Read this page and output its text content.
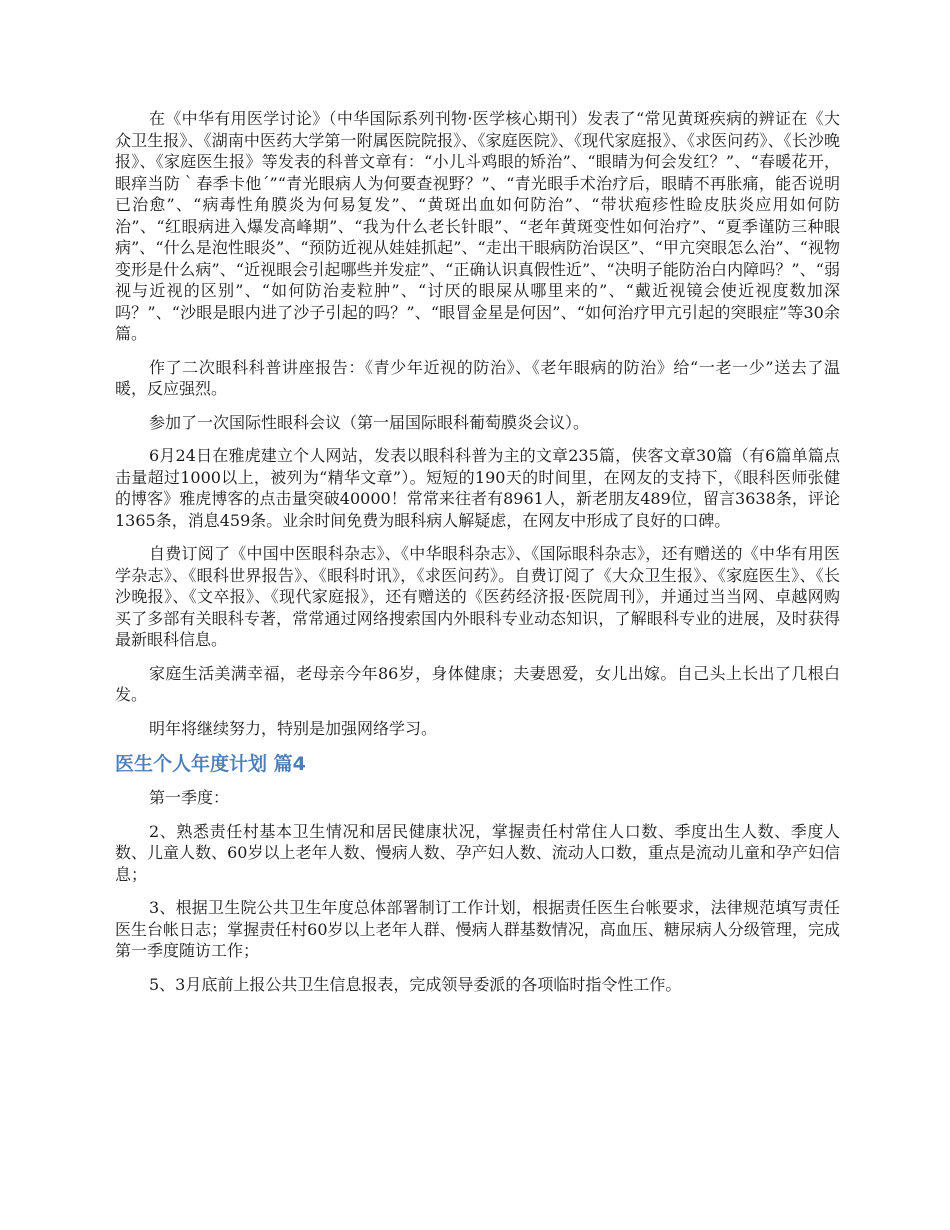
在《中华有用医学讨论》（中华国际系列刊物·医学核心期刊）发表了“常见黄斑疾病的辨证在《大众卫生报》、《湖南中医药大学第一附属医院院报》、《家庭医院》、《现代家庭报》、《求医问药》、《长沙晚报》、《家庭医生报》等发表的科普文章有：“小儿斗鸡眼的矫治”、“眼睛为何会发红？”、“春暖花开，眼痒当防｀春季卡他´”“青光眼病人为何要查视野？”、“青光眼手术治疗后，眼睛不再胀痛，能否说明已治愈”、“病毒性角膜炎为何易复发”、“黄斑出血如何防治”、“带状疱疹性睑皮肤炎应用如何防治”、“红眼病进入爆发高峰期”、“我为什么老长针眼”、“老年黄斑变性如何治疗”、“夏季谨防三种眼病”、“什么是泡性眼炎”、“预防近视从娃娃抓起”、“走出干眼病防治误区”、“甲亢突眼怎么治”、“视物变形是什么病”、“近视眼会引起哪些并发症”、“正确认识真假性近”、“决明子能防治白内障吗？”、“弱视与近视的区别”、“如何防治麦粒肿”、“讨厌的眼屎从哪里来的”、“戴近视镜会使近视度数加深吗？”、“沙眼是眼内进了沙子引起的吗？”、“眼冒金星是何因”、“如何治疗甲亢引起的突眼症”等30余篇。

作了二次眼科科普讲座报告：《青少年近视的防治》、《老年眼病的防治》给“一老一少”送去了温暖，反应强烈。

参加了一次国际性眼科会议（第一届国际眼科葡萄膜炎会议）。

6月24日在雅虎建立个人网站，发表以眼科科普为主的文章235篇，侠客文章30篇（有6篇单篇点击量超过1000以上，被列为“精华文章”）。短短的190天的时间里，在网友的支持下，《眼科医师张健的博客》雅虎博客的点击量突破40000！常常来往者有8961人，新老朋友489位，留言3638条，评论1365条，消息459条。业余时间免费为眼科病人解疑虑，在网友中形成了良好的口碑。

自费订阅了《中国中医眼科杂志》、《中华眼科杂志》、《国际眼科杂志》，还有赠送的《中华有用医学杂志》、《眼科世界报告》、《眼科时讯》，《求医问药》。自费订阅了《大众卫生报》、《家庭医生》、《长沙晚报》、《文卒报》、《现代家庭报》，还有赠送的《医药经济报·医院周刊》，并通过当当网、卓越网购买了多部有关眼科专著，常常通过网络搜索国内外眼科专业动态知识，了解眼科专业的进展，及时获得最新眼科信息。

家庭生活美满幸福，老母亲今年86岁，身体健康；夫妻恩爱，女儿出嫁。自己头上长出了几根白发。

明年将继续努力，特别是加强网络学习。

医生个人年度计划 篇4

第一季度：

2、熟悉责任村基本卫生情况和居民健康状况，掌握责任村常住人口数、季度出生人数、季度人数、儿童人数、60岁以上老年人数、慢病人数、孕产妇人数、流动人口数，重点是流动儿童和孕产妇信息；

3、根据卫生院公共卫生年度总体部署制订工作计划，根据责任医生台帐要求，法律规范填写责任医生台帐日志；掌握责任村60岁以上老年人群、慢病人群基数情况，高血压、糖尿病人分级管理，完成第一季度随访工作；

5、3月底前上报公共卫生信息报表，完成领导委派的各项临时指令性工作。
